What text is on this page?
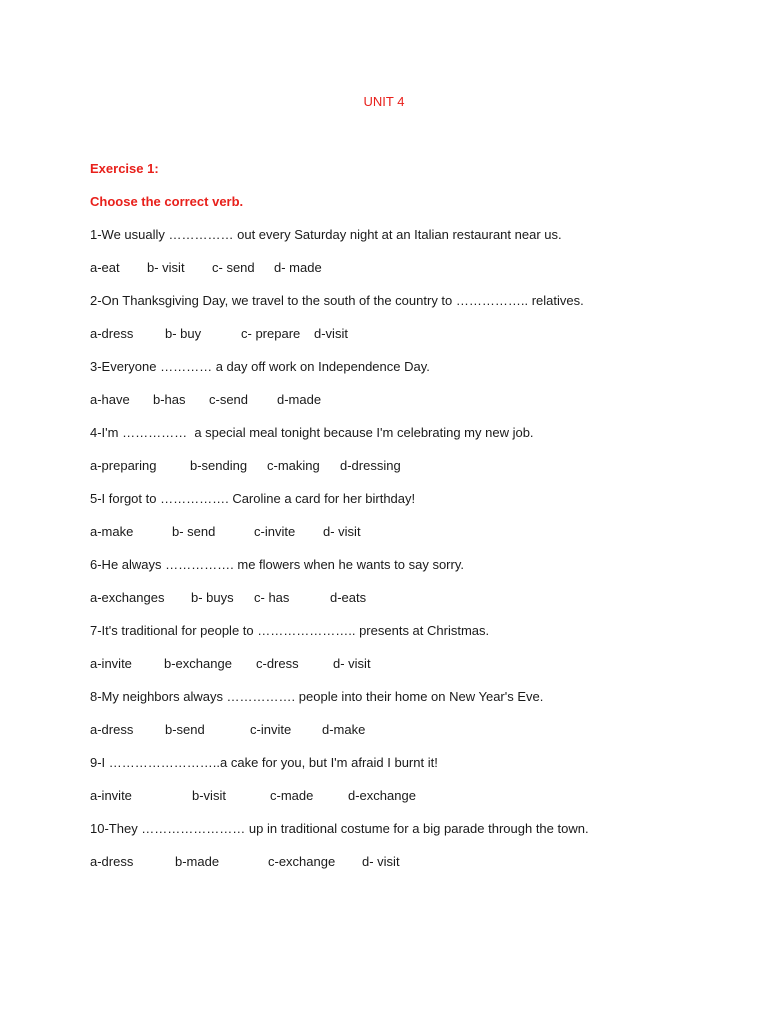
UNIT 4
Exercise 1:
Choose the correct verb.
1-We usually …………… out every Saturday night at an Italian restaurant near us.
a-eat b- visit c- send d- made
2-On Thanksgiving Day, we travel to the south of the country to …………….. relatives.
a-dress b- buy	c- prepare d-visit
3-Everyone ………… a day off work on Independence Day.
a-have b-has c-send d-made
4-I'm ……………  a special meal tonight because I'm celebrating my new job.
a-preparing	b-sending c-making d-dressing
5-I forgot to ……………. Caroline a card for her birthday!
a-make	b- send	c-invite d- visit
6-He always ……………. me flowers when he wants to say sorry.
a-exchanges b- buys c- has	d-eats
7-It's traditional for people to ………………….. presents at Christmas.
a-invite b-exchange c-dress	d- visit
8-My neighbors always ……………. people into their home on New Year's Eve.
a-dress b-send	c-invite d-make
9-I ……………………..a cake for you, but I'm afraid I burnt it!
a-invite	b-visit	c-made	d-exchange
10-They …………………… up in traditional costume for a big parade through the town.
a-dress	b-made	c-exchange d- visit
